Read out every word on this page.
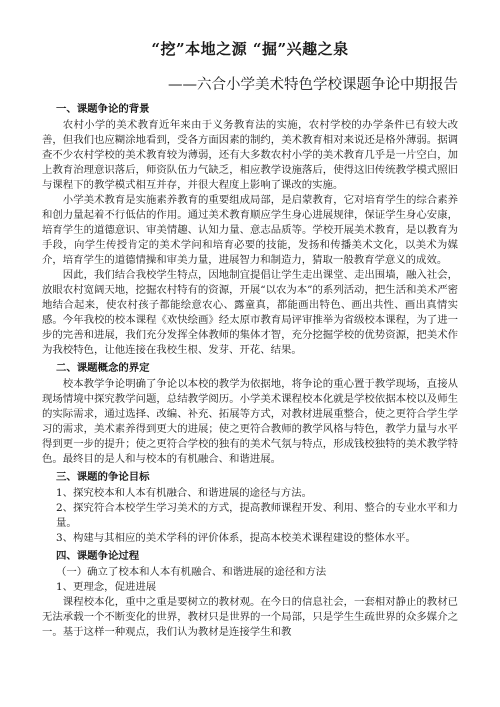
“挖”本地之源 “掘”兴趣之泉
——六合小学美术特色学校课题争论中期报告
一、课题争论的背景

农村小学的美术教育近年来由于义务教育法的实施，农村学校的办学条件已有较大改善，但我们也应糊涂地看到，受各方面因素的制约，美术教育相对来说还是格外薄弱。据调查不少农村学校的美术教育较为薄弱，还有大多数农村小学的美术教育几乎是一片空白，加上教育治理意识落后，师资队伍力气缺乏，相应教学设施落后，使得这旧传统教学模式照旧与课程下的教学模式相互并存，并很大程度上影响了课改的实施。

小学美术教育是实施素养教育的重要组成局部，是启蒙教育，它对培育学生的综合素养和创力量起着不行低估的作用。通过美术教育顺应学生身心进展规律，保证学生身心安康，培育学生的道德意识、审美情趣、认知力量、意志品质等。学校开展美术教育，是以教育为手段，向学生传授肯定的美术学问和培育必要的技能，发扬和传播美术文化，以美术为媒介，培育学生的道德情操和审美力量，进展智力和制造力，猜取一般教育学意义的成效。

因此，我们结合我校学生特点，因地制宜提倡让学生走出课堂、走出围墙，融入社会，放眼农村宽阔天地，挖掘农村特有的资源，开展“以农为本”的系列活动，把生活和美术严密地结合起来，使农村孩子都能绘意农心、露童真，都能画出特色、画出共性、画出真情实感。今年我校的校本课程《欢快绘画》经太原市教育局评审推举为省级校本课程，为了进一步的完善和进展，我们充分发挥全体教师的集体才智，充分挖掘学校的优势资源，把美术作为我校特色，让他连接在我校生根、发芽、开花、结果。

二、课题概念的界定

校本教学争论明确了争论以本校的教学为依据地，将争论的重心置于教学现场，直接从现场情境中探究教学问题，总结教学阅历。小学美术课程校本化就是学校依据本校以及师生的实际需求，通过选择、改编、补充、拓展等方式，对教材进展重整合，使之更符合学生学习的需求，美术素养得到更大的进展；使之更符合教师的教学风格与特色，教学力量与水平得到更一步的提升；使之更符合学校的独有的美术气氛与特点，形成钱校独特的美术教学特色。最终目的是人和与校本的有机融合、和谐进展。

三、课题的争论目标

1、探究校本和人本有机融合、和谐进展的途径与方法。

2、探究符合本校学生学习美术的方式，提高教师课程开发、利用、整合的专业水平和力量。

3、构建与其相应的美术学科的评价体系，提高本校美术课程建设的整体水平。

四、课题争论过程

（一）确立了校本和人本有机融合、和谐进展的途径和方法

1、更理念，促进进展

课程校本化，重中之重是要树立的教材观。在今日的信息社会，一套相对静止的教材已无法承载一个不断变化的世界，教材只是世界的一个局部，只是学生生疏世界的众多媒介之一。基于这样一种观点，我们认为教材是连接学生和教
